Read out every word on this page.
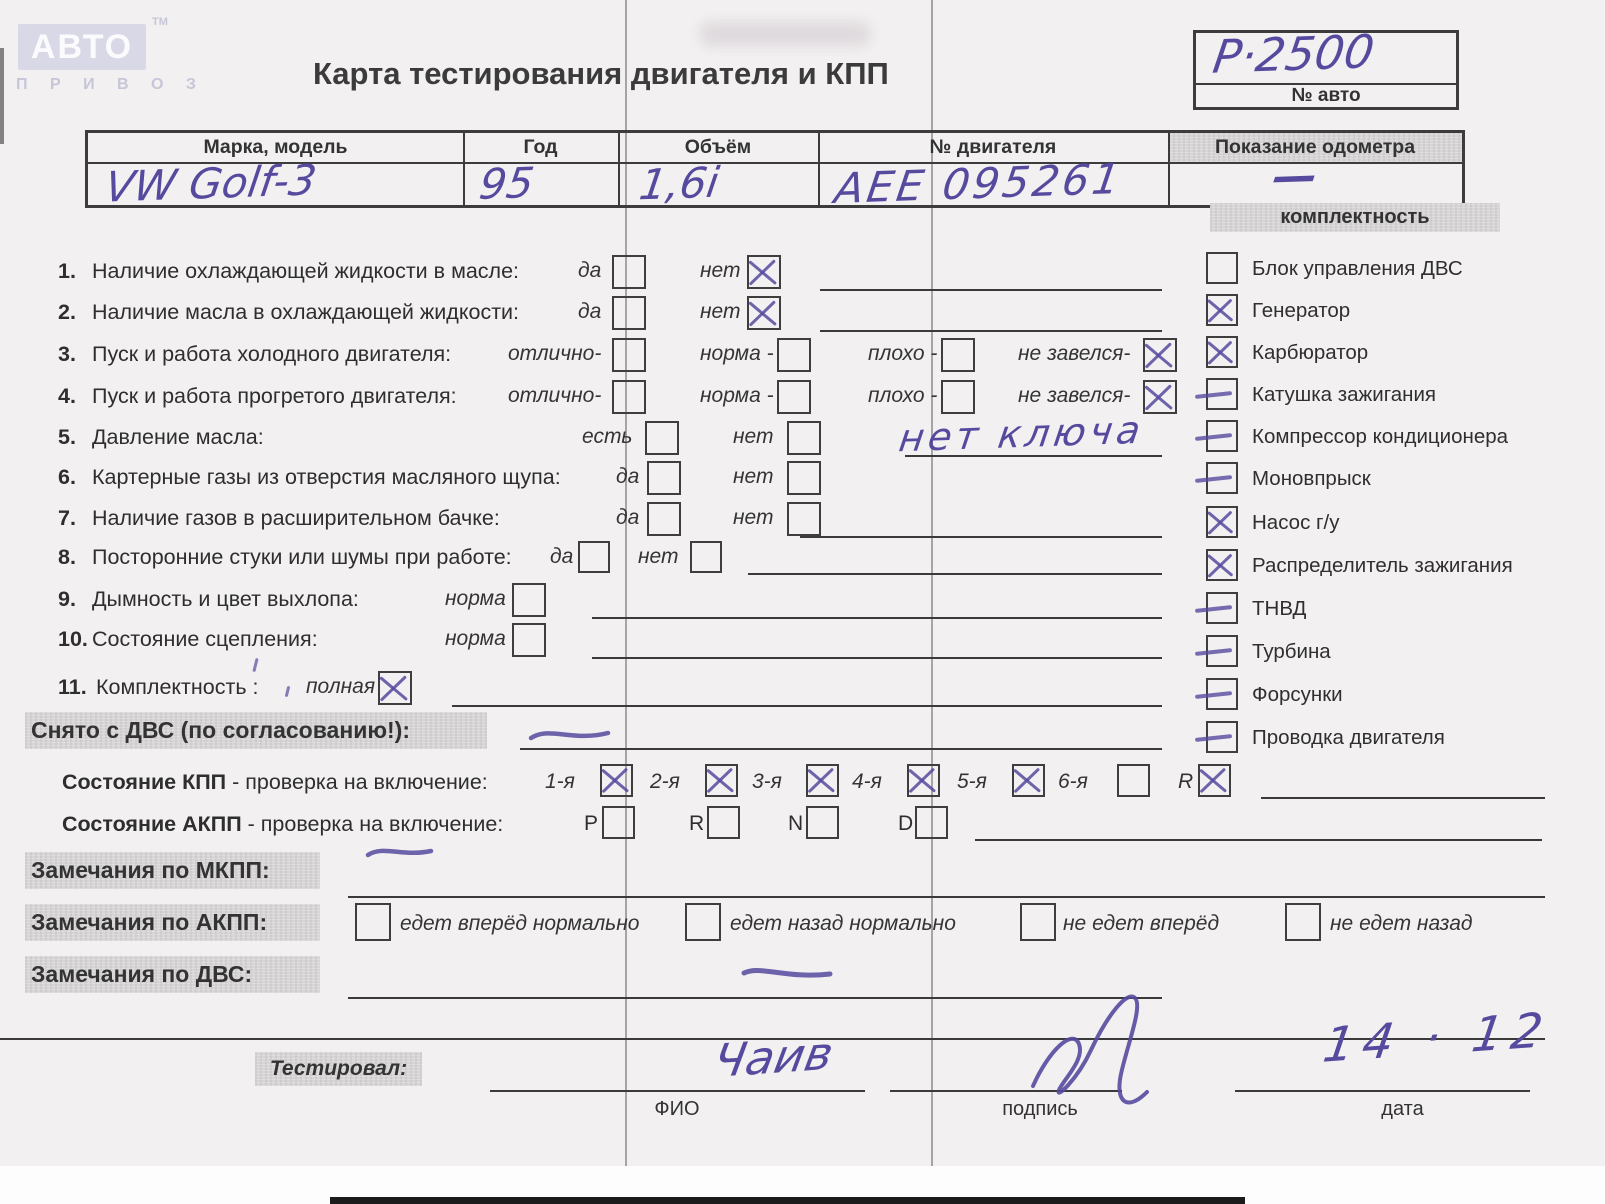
АВТО
TM
П Р И В О З	Карта тестирования двигателя и КПП	P·2500
№ авто
Марка, модель	Год	Объём	№ двигателя	Показание одометра
VW Golf-3	95 1,6i	AEE 095261	—
комплектность
Блок управления ДВС
Генератор
Карбюратор
Катушка зажигания
Компрессор кондиционера
Моновпрыск
Насос г/у
Распределитель зажигания
ТНВД
Турбина
Форсунки
Проводка двигателя
1. Наличие охлаждающей жидкости в масле:	да	нет
2. Наличие масла в охлаждающей жидкости:	да	нет
3. Пуск и работа холодного двигателя:	отлично-	норма -	плохо -	не завелся-
4. Пуск и работа прогретого двигателя: отлично-	норма -	плохо -	не завелся-
5. Давление масла:	есть	нет	нет ключа
6. Картерные газы из отверстия масляного щупа:	да	нет
7. Наличие газов в расширительном бачке:	да	нет
8. Посторонние стуки или шумы при работе: да	нет
9. Дымность и цвет выхлопа:	норма
10. Состояние сцепления:	норма
11. Комплектность : полная
Снято с ДВС (по согласованию!):
Состояние КПП - проверка на включение:	1-я	2-я	3-я	4-я	5-я	6-я	R
Состояние АКПП - проверка на включение:	P	R	N	D
Замечания по МКПП:
Замечания по АКПП:	едет вперёд нормально	едет назад нормально	не едет вперёд	не едет назад
Замечания по ДВС:
Тестировал:
ФИО	подпись	дата
Чаив	14 · 12
